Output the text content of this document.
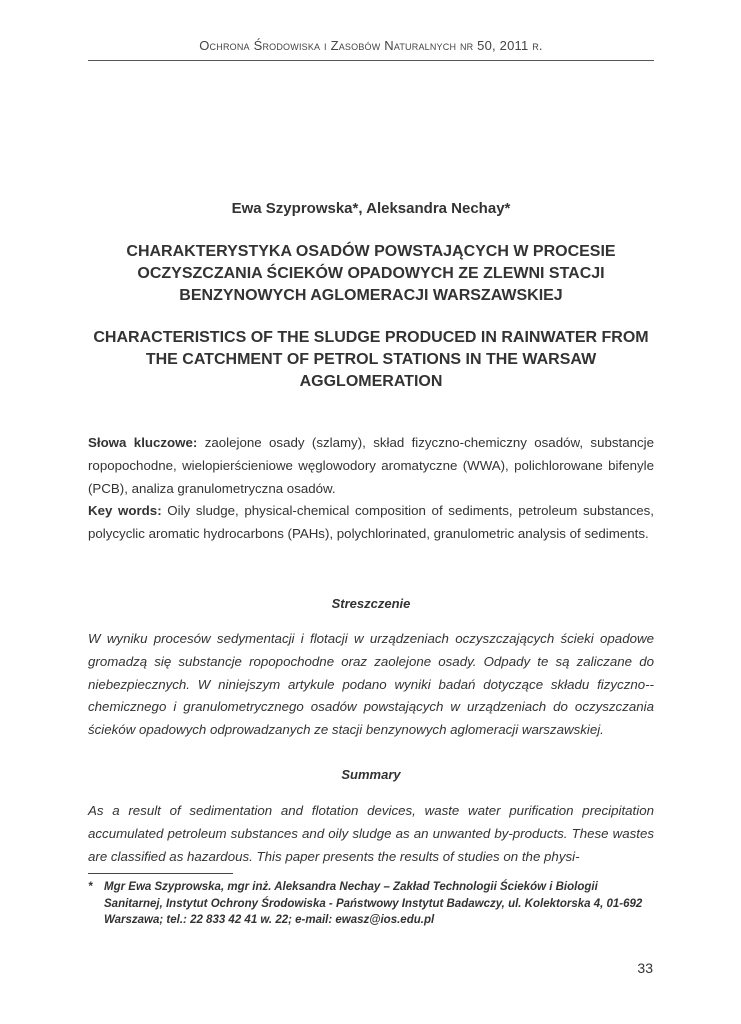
Ochrona Środowiska i Zasobów Naturalnych nr 50, 2011 r.
Ewa Szyprowska*, Aleksandra Nechay*
CHARAKTERYSTYKA OSADÓW POWSTAJĄCYCH W PROCESIE OCZYSZCZANIA ŚCIEKÓW OPADOWYCH ZE ZLEWNI STACJI BENZYNOWYCH AGLOMERACJI WARSZAWSKIEJ
CHARACTERISTICS OF THE SLUDGE PRODUCED IN RAINWATER FROM THE CATCHMENT OF PETROL STATIONS IN THE WARSAW AGGLOMERATION
Słowa kluczowe: zaolejone osady (szlamy), skład fizyczno-chemiczny osadów, substancje ropopochodne, wielopierścieniowe węglowodory aromatyczne (WWA), polichlorowane bifenyle (PCB), analiza granulometryczna osadów.
Key words: Oily sludge, physical-chemical composition of sediments, petroleum substances, polycyclic aromatic hydrocarbons (PAHs), polychlorinated, granulometric analysis of sediments.
Streszczenie
W wyniku procesów sedymentacji i flotacji w urządzeniach oczyszczających ścieki opadowe gromadzą się substancje ropopochodne oraz zaolejone osady. Odpady te są zaliczane do niebezpiecznych. W niniejszym artykule podano wyniki badań dotyczące składu fizyczno--chemicznego i granulometrycznego osadów powstających w urządzeniach do oczyszczania ścieków opadowych odprowadzanych ze stacji benzynowych aglomeracji warszawskiej.
Summary
As a result of sedimentation and flotation devices, waste water purification precipitation accumulated petroleum substances and oily sludge as an unwanted by-products. These wastes are classified as hazardous. This paper presents the results of studies on the physi-
* Mgr Ewa Szyprowska, mgr inż. Aleksandra Nechay – Zakład Technologii Ścieków i Biologii Sanitarnej, Instytut Ochrony Środowiska - Państwowy Instytut Badawczy, ul. Kolektorska 4, 01-692 Warszawa; tel.: 22 833 42 41 w. 22; e-mail: ewasz@ios.edu.pl
33
